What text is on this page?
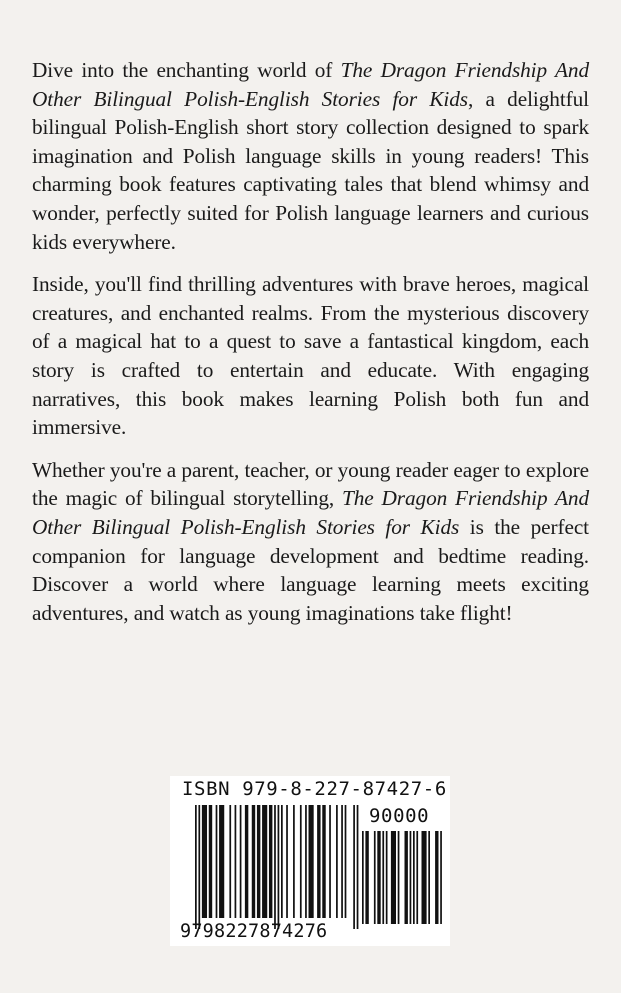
Dive into the enchanting world of The Dragon Friendship And Other Bilingual Polish-English Stories for Kids, a delightful bilingual Polish-English short story collection designed to spark imagination and Polish language skills in young readers! This charming book features captivating tales that blend whimsy and wonder, perfectly suited for Polish language learners and curious kids everywhere.

Inside, you'll find thrilling adventures with brave heroes, magical creatures, and enchanted realms. From the mysterious discovery of a magical hat to a quest to save a fantastical kingdom, each story is crafted to entertain and educate. With engaging narratives, this book makes learning Polish both fun and immersive.

Whether you're a parent, teacher, or young reader eager to explore the magic of bilingual storytelling, The Dragon Friendship And Other Bilingual Polish-English Stories for Kids is the perfect companion for language development and bedtime reading. Discover a world where language learning meets exciting adventures, and watch as young imaginations take flight!

ISBN 979-8-227-87427-6
90000
9798227874276
